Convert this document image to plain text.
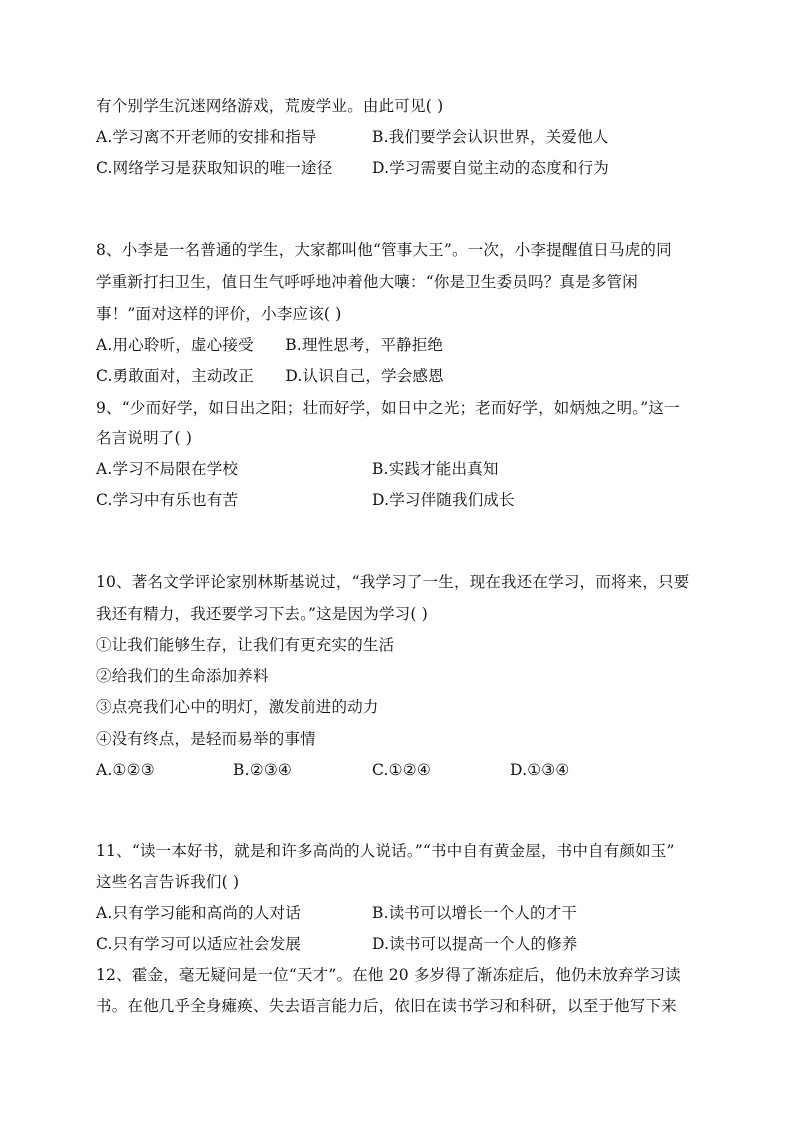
有个别学生沉迷网络游戏，荒废学业。由此可见( )
A.学习离不开老师的安排和指导	B.我们要学会认识世界，关爱他人
C.网络学习是获取知识的唯一途径	D.学习需要自觉主动的态度和行为
8、小李是一名普通的学生，大家都叫他“管事大王”。一次，小李提醒值日马虎的同
学重新打扫卫生，值日生气呼呼地冲着他大嚷：“你是卫生委员吗？真是多管闲
事！”面对这样的评价，小李应该( )
A.用心聆听，虚心接受　　B.理性思考，平静拒绝
C.勇敢面对，主动改正　　D.认识自己，学会感恩
9、“少而好学，如日出之阳；壮而好学，如日中之光；老而好学，如炳烛之明。”这一
名言说明了( )
A.学习不局限在学校	B.实践才能出真知
C.学习中有乐也有苦	D.学习伴随我们成长
10、著名文学评论家别林斯基说过，“我学习了一生，现在我还在学习，而将来，只要
我还有精力，我还要学习下去。”这是因为学习( )
①让我们能够生存，让我们有更充实的生活
②给我们的生命添加养料
③点亮我们心中的明灯，激发前进的动力
④没有终点，是轻而易举的事情
A.①②③	B.②③④	C.①②④	D.①③④
11、“读一本好书，就是和许多高尚的人说话。”“书中自有黄金屋，书中自有颜如玉”
这些名言告诉我们( )
A.只有学习能和高尚的人对话	B.读书可以增长一个人的才干
C.只有学习可以适应社会发展	D.读书可以提高一个人的修养
12、霍金，毫无疑问是一位“天才”。在他 20 多岁得了渐冻症后，他仍未放弃学习读
书。在他几乎全身瘫痪、失去语言能力后，依旧在读书学习和科研，以至于他写下来
